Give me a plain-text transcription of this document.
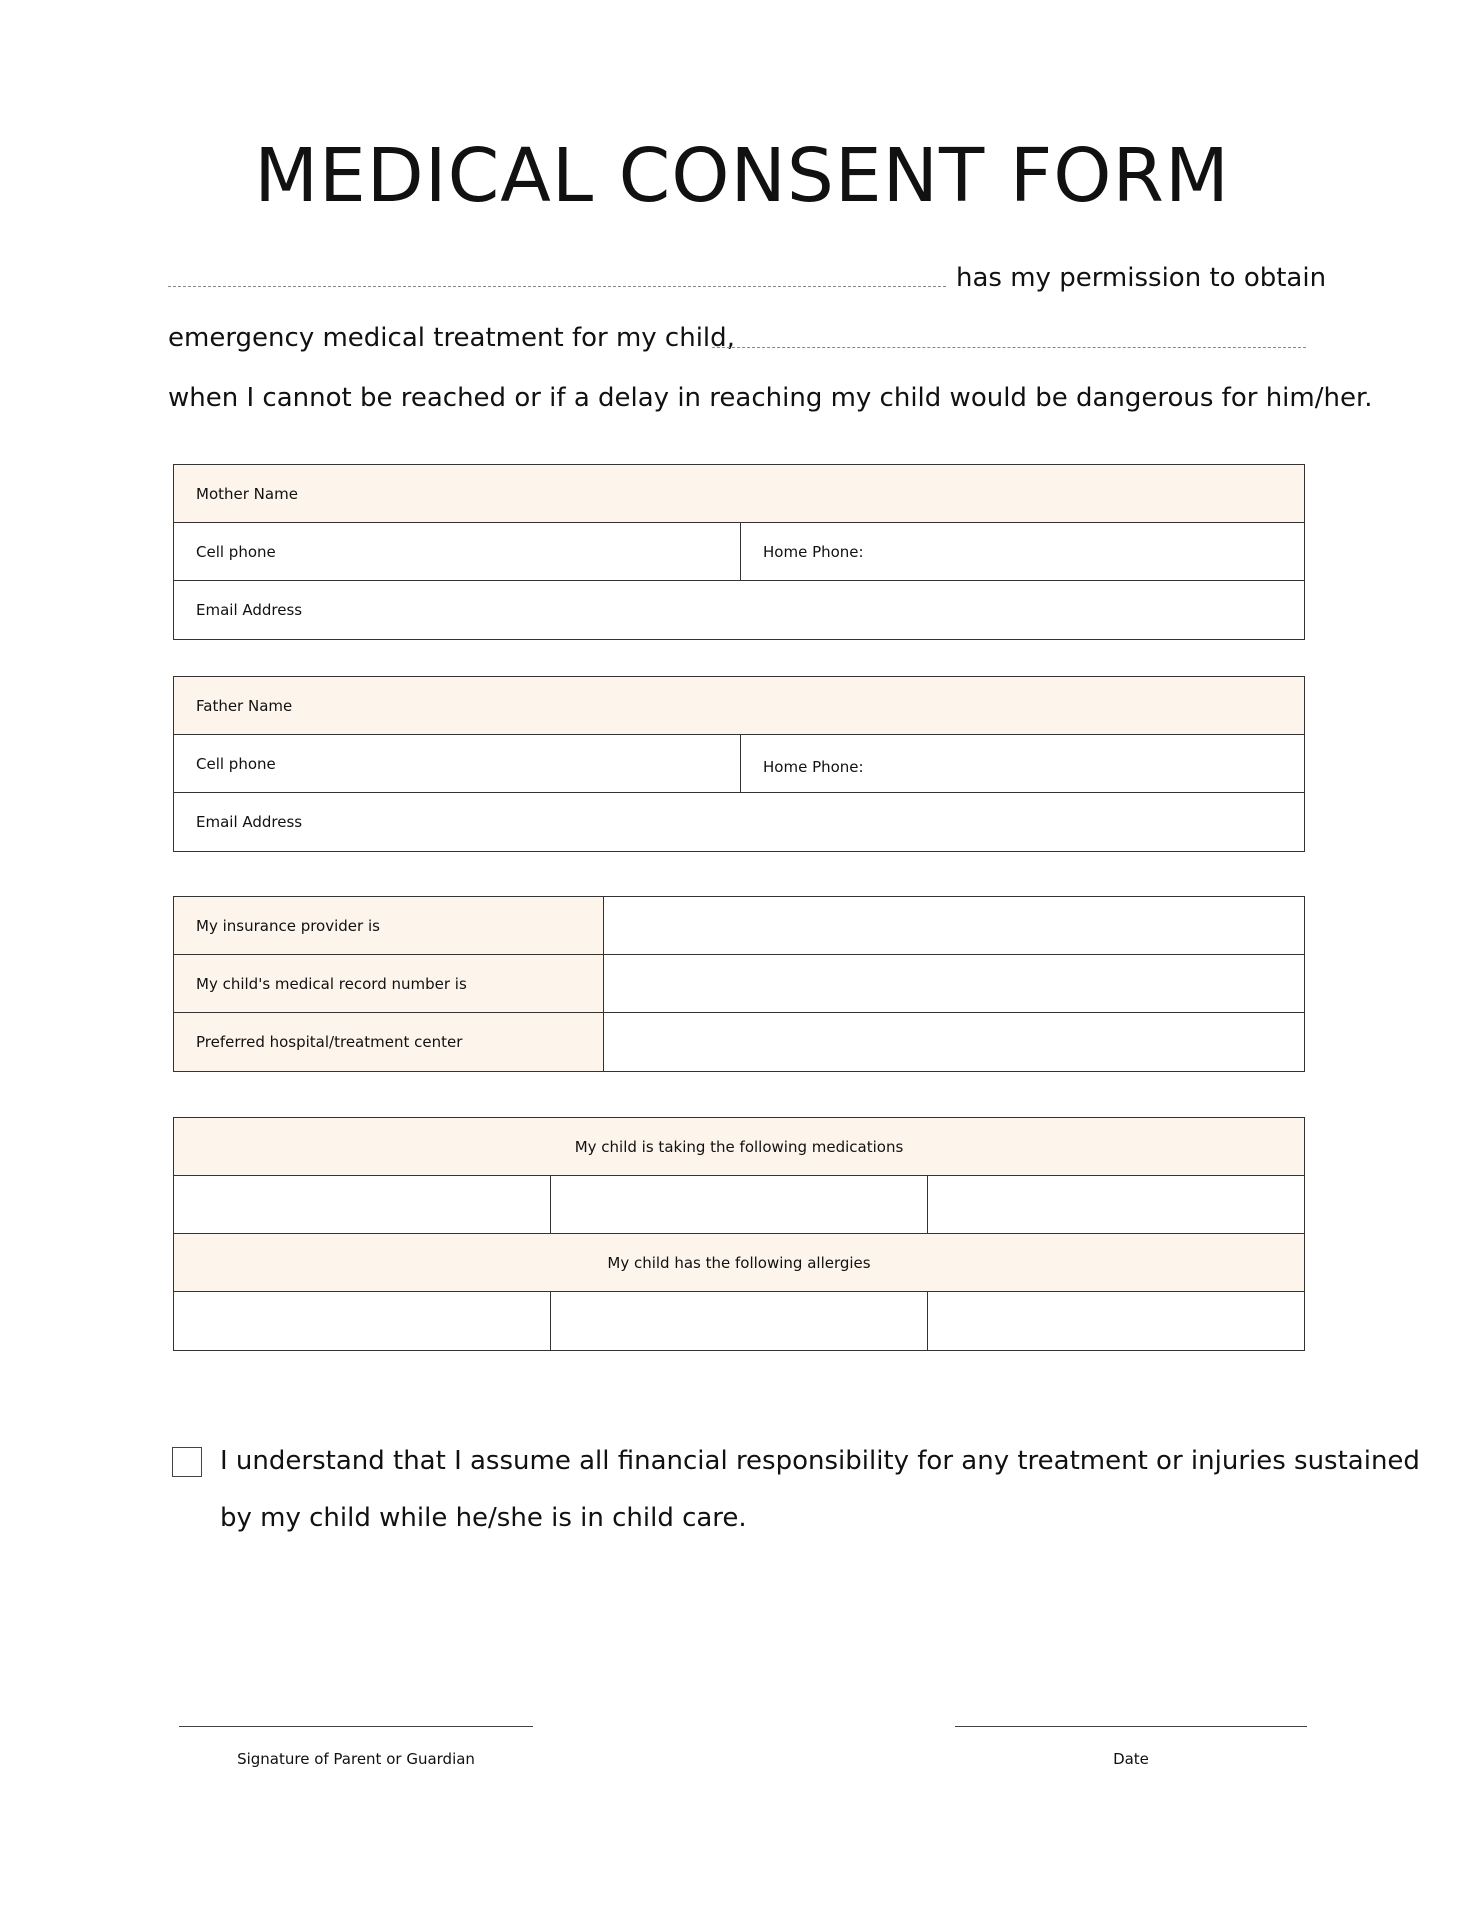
MEDICAL CONSENT FORM
has my permission to obtain
emergency medical treatment for my child,
when I cannot be reached or if a delay in reaching my child would be dangerous for him/her.
Mother Name
Cell phone	Home Phone:
Email Address
Father Name
Cell phone	Home Phone:
Email Address
My insurance provider is
My child's medical record number is
Preferred hospital/treatment center
My child is taking the following medications
My child has the following allergies
I understand that I assume all financial responsibility for any treatment or injuries sustained
by my child while he/she is in child care.
Signature of Parent or Guardian	Date
